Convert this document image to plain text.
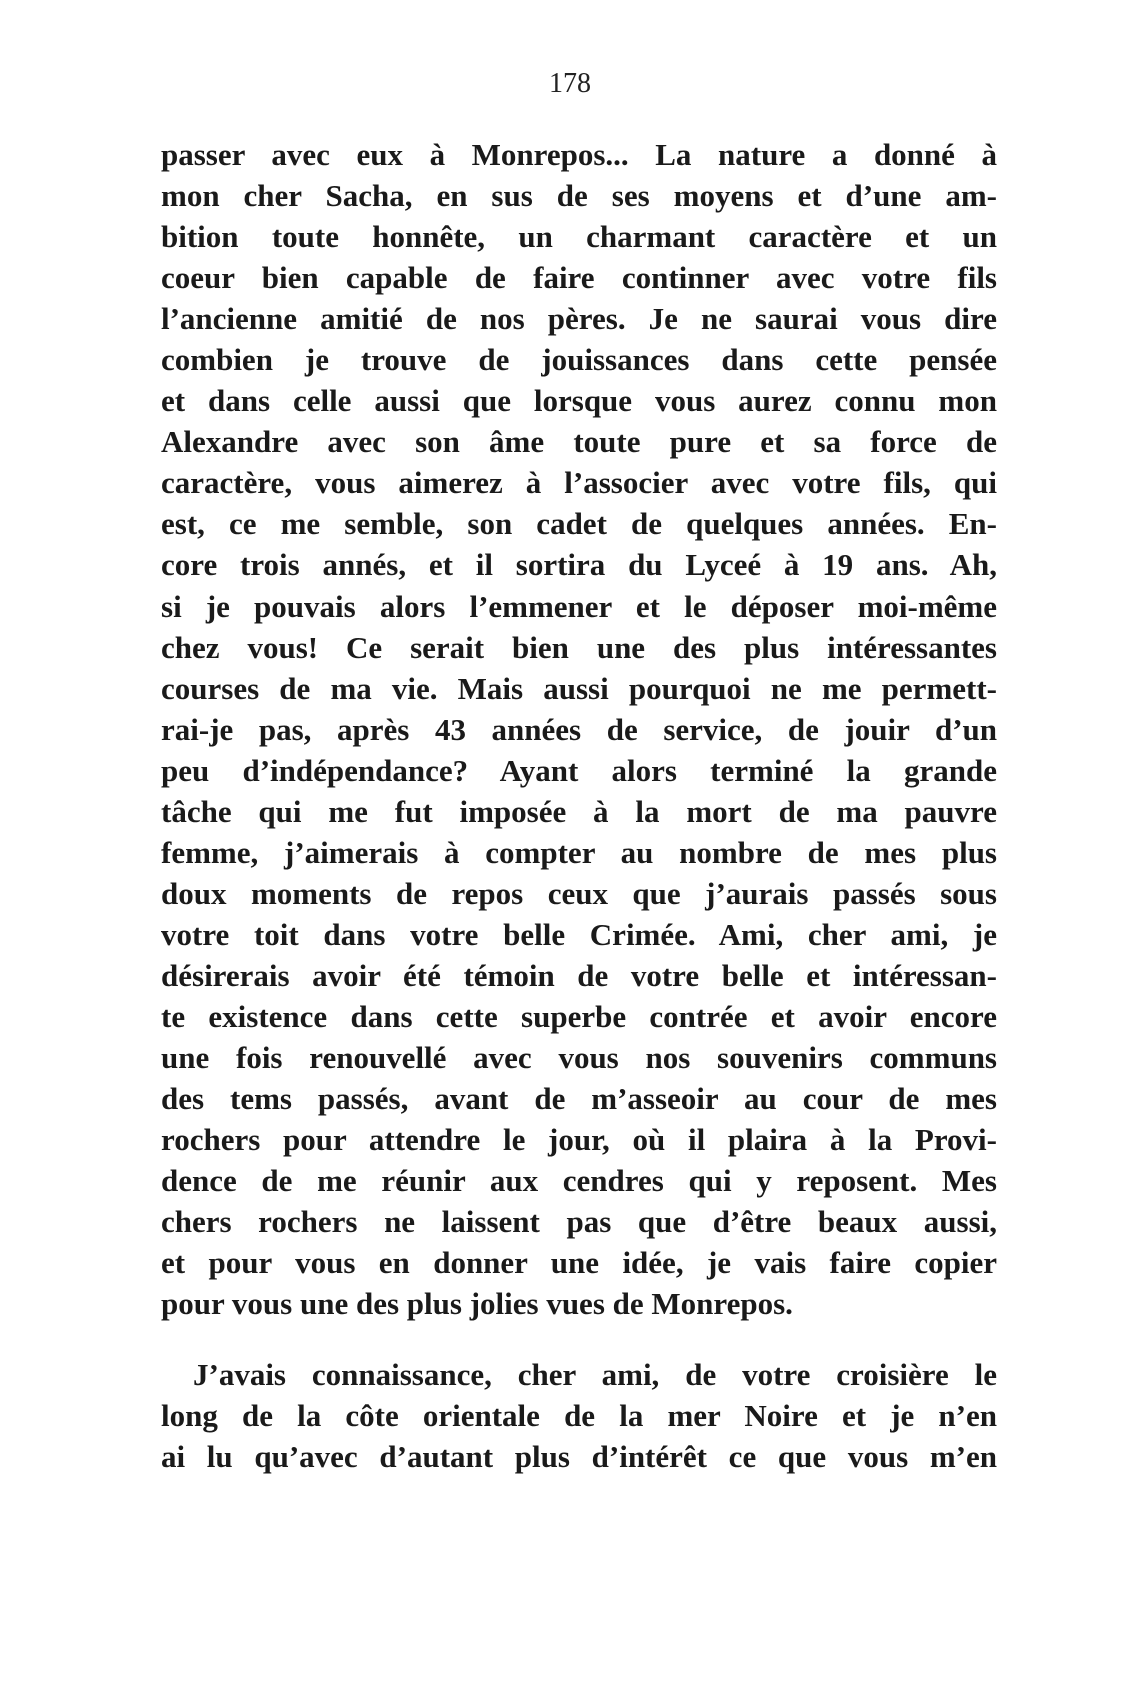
178
passer avec eux à Monrepos... La nature a donné à
mon cher Sacha, en sus de ses moyens et d’une am-
bition toute honnête, un charmant caractère et un
coeur bien capable de faire continner avec votre fils
l’ancienne amitié de nos pères. Je ne saurai vous dire
combien je trouve de jouissances dans cette pensée
et dans celle aussi que lorsque vous aurez connu mon
Alexandre avec son âme toute pure et sa force de
caractère, vous aimerez à l’associer avec votre fils, qui
est, ce me semble, son cadet de quelques années. En-
core trois annés, et il sortira du Lyceé à 19 ans. Ah,
si je pouvais alors l’emmener et le déposer moi-même
chez vous! Ce serait bien une des plus intéressantes
courses de ma vie. Mais aussi pourquoi ne me permett-
rai-je pas, après 43 années de service, de jouir d’un
peu d’indépendance? Ayant alors terminé la grande
tâche qui me fut imposée à la mort de ma pauvre
femme, j’aimerais à compter au nombre de mes plus
doux moments de repos ceux que j’aurais passés sous
votre toit dans votre belle Crimée. Ami, cher ami, je
désirerais avoir été témoin de votre belle et intéressan-
te existence dans cette superbe contrée et avoir encore
une fois renouvellé avec vous nos souvenirs communs
des tems passés, avant de m’asseoir au cour de mes
rochers pour attendre le jour, où il plaira à la Provi-
dence de me réunir aux cendres qui y reposent. Mes
chers rochers ne laissent pas que d’être beaux aussi,
et pour vous en donner une idée, je vais faire copier
pour vous une des plus jolies vues de Monrepos.
J’avais connaissance, cher ami, de votre croisière le
long de la côte orientale de la mer Noire et je n’en
ai lu qu’avec d’autant plus d’intérêt ce que vous m’en
